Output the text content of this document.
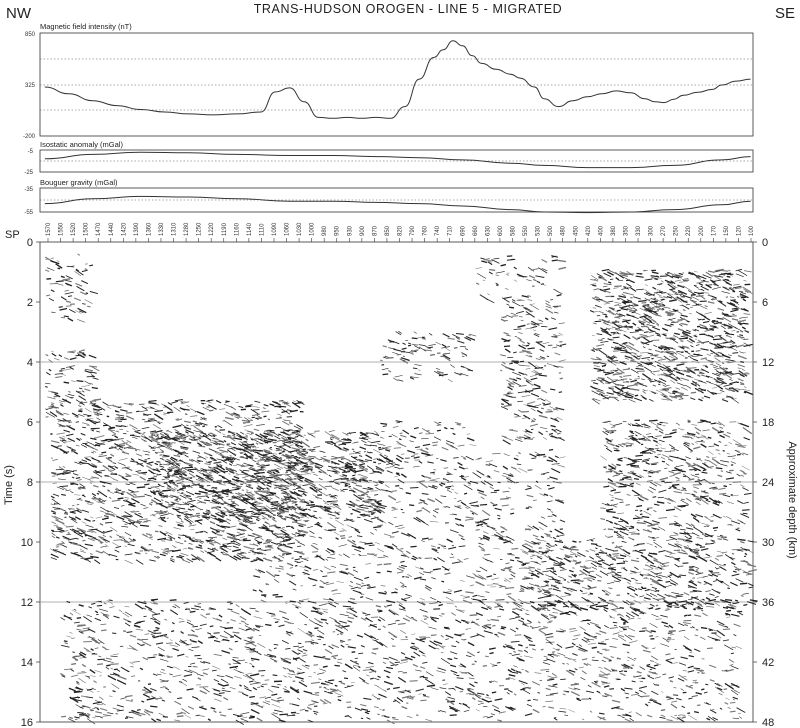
NW	TRANS-HUDSON OROGEN - LINE 5 - MIGRATED	SE
Magnetic field intensity (nT)
850
325
-200
Isostatic anomaly (mGal)
-5
-25
Bouguer gravity (mGal)
-35
-55
SP	1570 1550 1520 1500 1470 1440 1420 1390 1360 1330 1310 1280 1250 1220 1190 1160 1140 1110 1090 1060 1030 1000 980 950 930 900 870 850 820 790 760 740 710 690 660 630 600 580 550 530 500 480 450 420 400 380 350 330 300 270 250 220 200 170 150 120 100
0
2
4
6
8
10
12
14
16
0
6
12
18
24
30
36
42
48
Time (s)	Approximate depth (km)
